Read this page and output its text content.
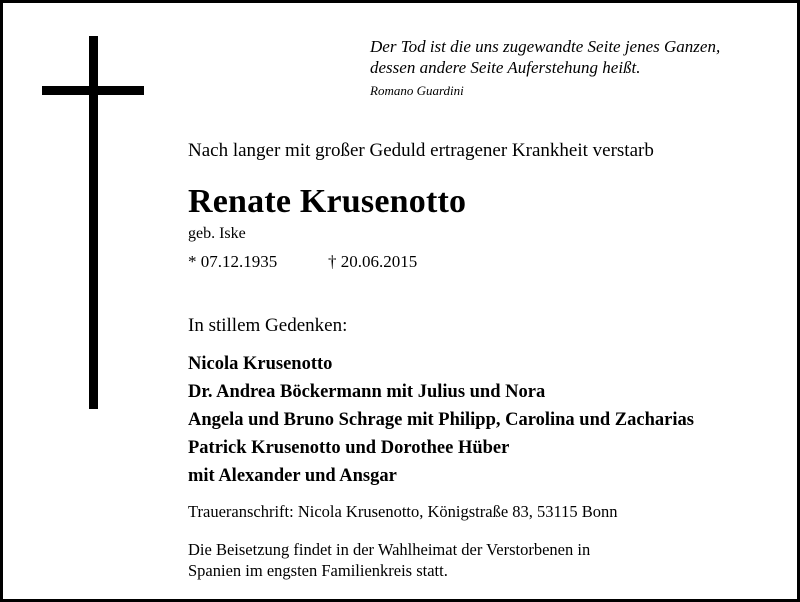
Der Tod ist die uns zugewandte Seite jenes Ganzen,
dessen andere Seite Auferstehung heißt.
Romano Guardini
Nach langer mit großer Geduld ertragener Krankheit verstarb
Renate Krusenotto
geb. Iske
* 07.12.1935	† 20.06.2015
In stillem Gedenken:
Nicola Krusenotto
Dr. Andrea Böckermann mit Julius und Nora
Angela und Bruno Schrage mit Philipp, Carolina und Zacharias
Patrick Krusenotto und Dorothee Hüber
mit Alexander und Ansgar
Traueranschrift: Nicola Krusenotto, Königstraße 83, 53115 Bonn
Die Beisetzung findet in der Wahlheimat der Verstorbenen in
Spanien im engsten Familienkreis statt.
